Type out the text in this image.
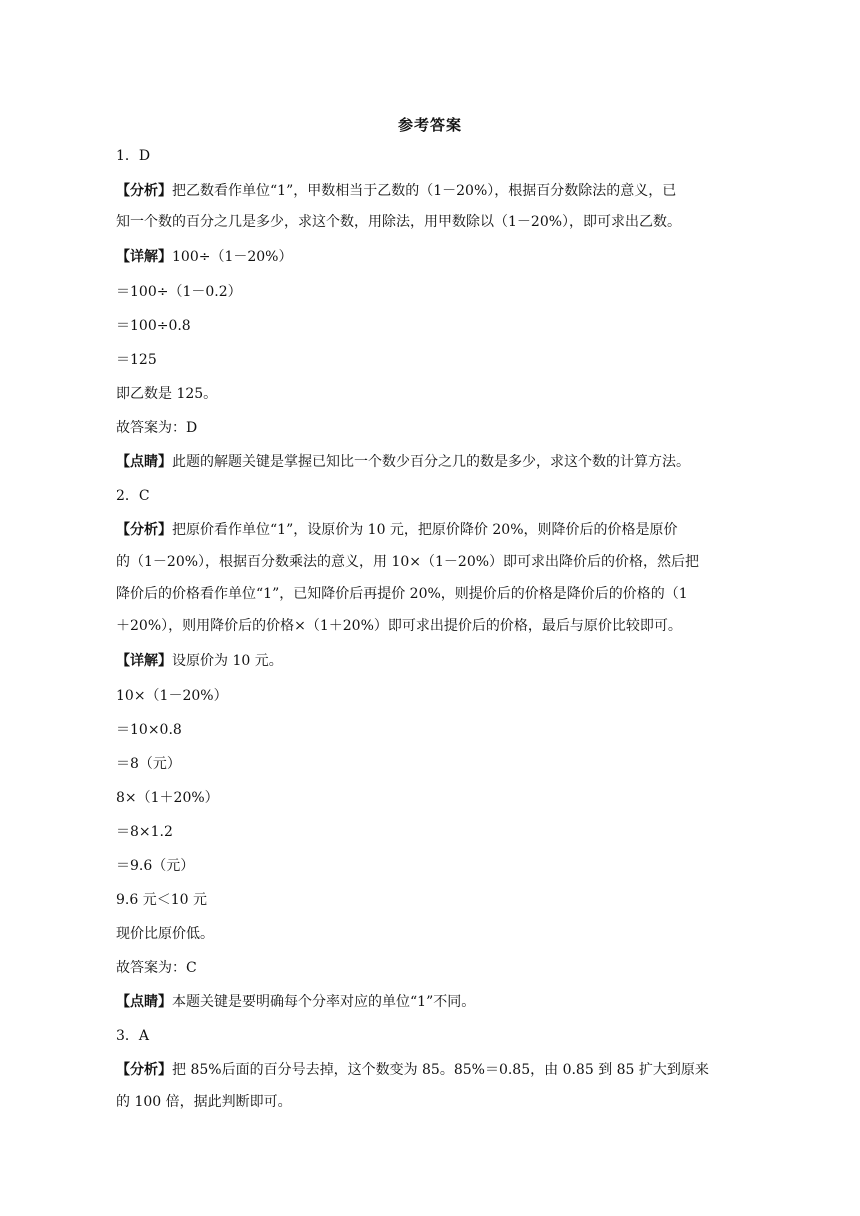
参考答案
1．D
【分析】把乙数看作单位“1”，甲数相当于乙数的（1－20%），根据百分数除法的意义，已
知一个数的百分之几是多少，求这个数，用除法，用甲数除以（1－20%），即可求出乙数。
【详解】100÷（1－20%）
＝100÷（1－0.2）
＝100÷0.8
＝125
即乙数是 125。
故答案为：D
【点睛】此题的解题关键是掌握已知比一个数少百分之几的数是多少，求这个数的计算方法。
2．C
【分析】把原价看作单位“1”，设原价为 10 元，把原价降价 20%，则降价后的价格是原价
的（1－20%），根据百分数乘法的意义，用 10×（1－20%）即可求出降价后的价格，然后把
降价后的价格看作单位“1”，已知降价后再提价 20%，则提价后的价格是降价后的价格的（1
＋20%），则用降价后的价格×（1＋20%）即可求出提价后的价格，最后与原价比较即可。
【详解】设原价为 10 元。
10×（1－20%）
＝10×0.8
＝8（元）
8×（1＋20%）
＝8×1.2
＝9.6（元）
9.6 元＜10 元
现价比原价低。
故答案为：C
【点睛】本题关键是要明确每个分率对应的单位“1”不同。
3．A
【分析】把 85%后面的百分号去掉，这个数变为 85。85%＝0.85，由 0.85 到 85 扩大到原来
的 100 倍，据此判断即可。
